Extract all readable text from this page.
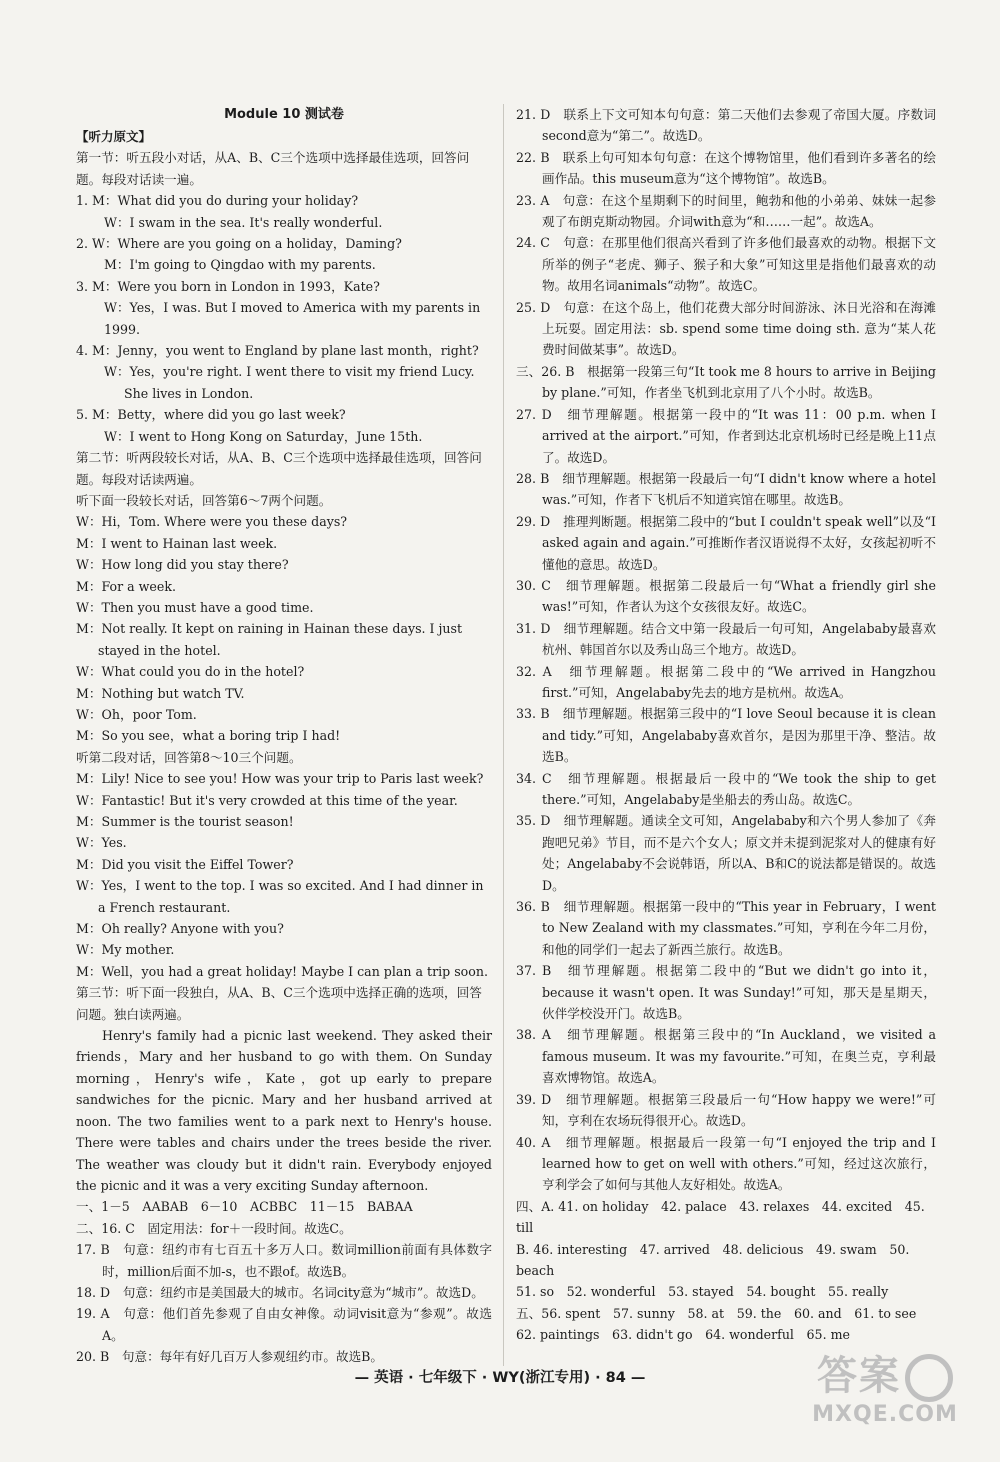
Module 10 测试卷

【听力原文】

第一节：听五段小对话，从A、B、C三个选项中选择最佳选项，回答问题。每段对话读一遍。

1. M：What did you do during your holiday?

W：I swam in the sea. It's really wonderful.

2. W：Where are you going on a holiday，Daming?

M：I'm going to Qingdao with my parents.

3. M：Were you born in London in 1993，Kate?

W：Yes，I was. But I moved to America with my parents in 1999.

4. M：Jenny，you went to England by plane last month，right?

W：Yes，you're right. I went there to visit my friend Lucy. She lives in London.

5. M：Betty，where did you go last week?

W：I went to Hong Kong on Saturday，June 15th.

第二节：听两段较长对话，从A、B、C三个选项中选择最佳选项，回答问题。每段对话读两遍。

听下面一段较长对话，回答第6～7两个问题。

W：Hi，Tom. Where were you these days?

M：I went to Hainan last week.

W：How long did you stay there?

M：For a week.

W：Then you must have a good time.

M：Not really. It kept on raining in Hainan these days. I just stayed in the hotel.

W：What could you do in the hotel?

M：Nothing but watch TV.

W：Oh，poor Tom.

M：So you see，what a boring trip I had!

听第二段对话，回答第8～10三个问题。

M：Lily! Nice to see you! How was your trip to Paris last week?

W：Fantastic! But it's very crowded at this time of the year.

M：Summer is the tourist season!

W：Yes.

M：Did you visit the Eiffel Tower?

W：Yes，I went to the top. I was so excited. And I had dinner in a French restaurant.

M：Oh really? Anyone with you?

W：My mother.

M：Well，you had a great holiday! Maybe I can plan a trip soon.

第三节：听下面一段独白，从A、B、C三个选项中选择正确的选项，回答问题。独白读两遍。

Henry's family had a picnic last weekend. They asked their friends，Mary and her husband to go with them. On Sunday morning，Henry's wife，Kate，got up early to prepare sandwiches for the picnic. Mary and her husband arrived at noon. The two families went to a park next to Henry's house. There were tables and chairs under the trees beside the river. The weather was cloudy but it didn't rain. Everybody enjoyed the picnic and it was a very exciting Sunday afternoon.

一、1－5　AABAB　6－10　ACBBC　11－15　BABAA

二、16. C　固定用法：for＋一段时间。故选C。

17. B　句意：纽约市有七百五十多万人口。数词million前面有具体数字时，million后面不加-s，也不跟of。故选B。

18. D　句意：纽约市是美国最大的城市。名词city意为“城市”。故选D。

19. A　句意：他们首先参观了自由女神像。动词visit意为“参观”。故选A。

20. B　句意：每年有好几百万人参观纽约市。故选B。

21. D　联系上下文可知本句句意：第二天他们去参观了帝国大厦。序数词second意为“第二”。故选D。

22. B　联系上句可知本句句意：在这个博物馆里，他们看到许多著名的绘画作品。this museum意为“这个博物馆”。故选B。

23. A　句意：在这个星期剩下的时间里，鲍勃和他的小弟弟、妹妹一起参观了布朗克斯动物园。介词with意为“和……一起”。故选A。

24. C　句意：在那里他们很高兴看到了许多他们最喜欢的动物。根据下文所举的例子“老虎、狮子、猴子和大象”可知这里是指他们最喜欢的动物。故用名词animals“动物”。故选C。

25. D　句意：在这个岛上，他们花费大部分时间游泳、沐日光浴和在海滩上玩耍。固定用法：sb. spend some time doing sth. 意为“某人花费时间做某事”。故选D。

三、26. B　根据第一段第三句“It took me 8 hours to arrive in Beijing by plane.”可知，作者坐飞机到北京用了八个小时。故选B。

27. D　细节理解题。根据第一段中的“It was 11：00 p.m. when I arrived at the airport.”可知，作者到达北京机场时已经是晚上11点了。故选D。

28. B　细节理解题。根据第一段最后一句“I didn't know where a hotel was.”可知，作者下飞机后不知道宾馆在哪里。故选B。

29. D　推理判断题。根据第二段中的“but I couldn't speak well”以及“I asked again and again.”可推断作者汉语说得不太好，女孩起初听不懂他的意思。故选D。

30. C　细节理解题。根据第二段最后一句“What a friendly girl she was!”可知，作者认为这个女孩很友好。故选C。

31. D　细节理解题。结合文中第一段最后一句可知，Angelababy最喜欢杭州、韩国首尔以及秀山岛三个地方。故选D。

32. A　细节理解题。根据第二段中的“We arrived in Hangzhou first.”可知，Angelababy先去的地方是杭州。故选A。

33. B　细节理解题。根据第三段中的“I love Seoul because it is clean and tidy.”可知，Angelababy喜欢首尔，是因为那里干净、整洁。故选B。

34. C　细节理解题。根据最后一段中的“We took the ship to get there.”可知，Angelababy是坐船去的秀山岛。故选C。

35. D　细节理解题。通读全文可知，Angelababy和六个男人参加了《奔跑吧兄弟》节目，而不是六个女人；原文并未提到泥浆对人的健康有好处；Angelababy不会说韩语，所以A、B和C的说法都是错误的。故选D。

36. B　细节理解题。根据第一段中的“This year in February，I went to New Zealand with my classmates.”可知，亨利在今年二月份，和他的同学们一起去了新西兰旅行。故选B。

37. B　细节理解题。根据第二段中的“But we didn't go into it，because it wasn't open. It was Sunday!”可知，那天是星期天，伙伴学校没开门。故选B。

38. A　细节理解题。根据第三段中的“In Auckland，we visited a famous museum. It was my favourite.”可知，在奥兰克，亨利最喜欢博物馆。故选A。

39. D　细节理解题。根据第三段最后一句“How happy we were!”可知，亨利在农场玩得很开心。故选D。

40. A　细节理解题。根据最后一段第一句“I enjoyed the trip and I learned how to get on well with others.”可知，经过这次旅行，亨利学会了如何与其他人友好相处。故选A。

四、A. 41. on holiday　42. palace　43. relaxes　44. excited　45. till

B. 46. interesting　47. arrived　48. delicious　49. swam　50. beach

51. so　52. wonderful　53. stayed　54. bought　55. really

五、56. spent　57. sunny　58. at　59. the　60. and　61. to see

62. paintings　63. didn't go　64. wonderful　65. me

— 英语 · 七年级下 · WY(浙江专用) · 84 —	答案
MXQE.COM
